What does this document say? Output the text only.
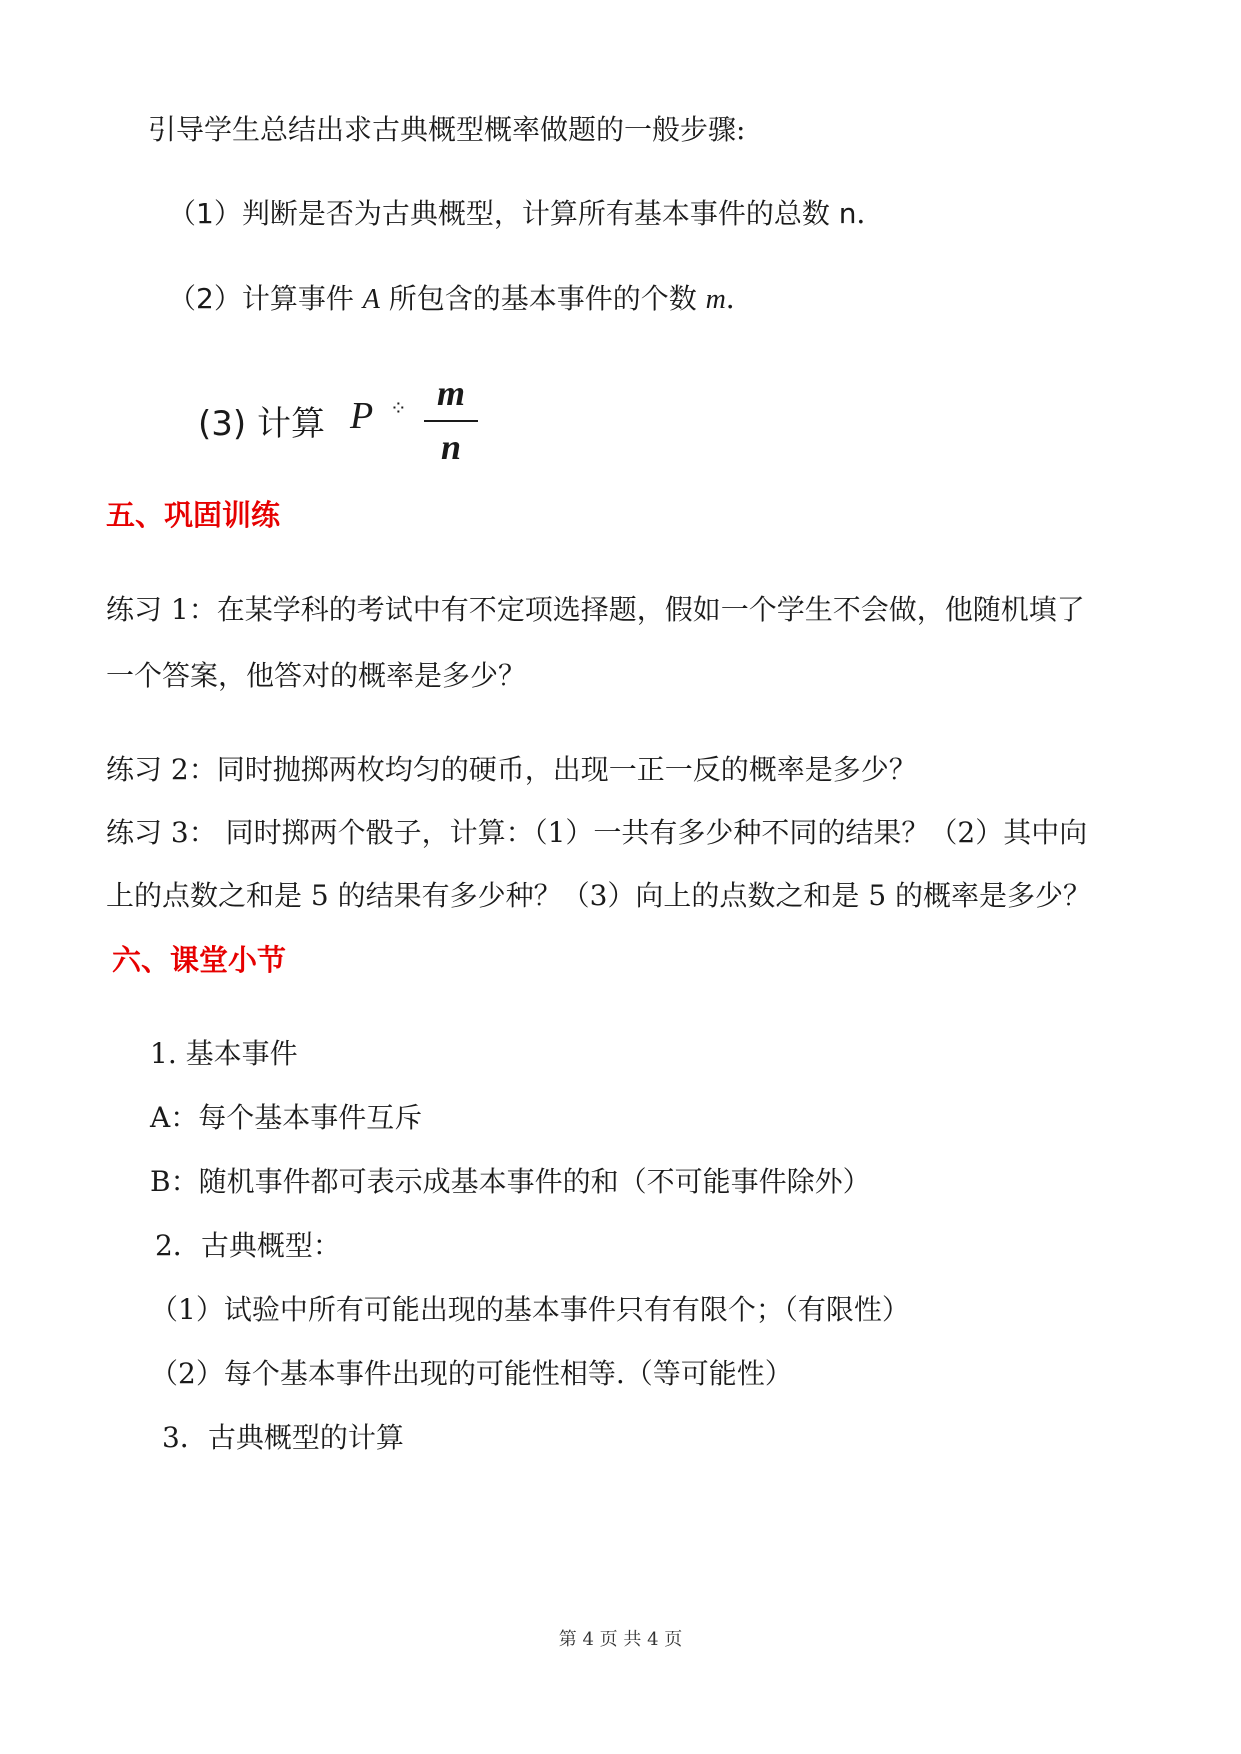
引导学生总结出求古典概型概率做题的一般步骤:
（1）判断是否为古典概型，计算所有基本事件的总数 n．
（2）计算事件 A 所包含的基本事件的个数 m．
(3) 计算 P ⁘ m
n
五、巩固训练
练习 1：在某学科的考试中有不定项选择题，假如一个学生不会做，他随机填了
一个答案，他答对的概率是多少？
练习 2：同时抛掷两枚均匀的硬币，出现一正一反的概率是多少？
练习 3： 同时掷两个骰子，计算：（1）一共有多少种不同的结果？（2）其中向
上的点数之和是 5 的结果有多少种？（3）向上的点数之和是 5 的概率是多少？
六、课堂小节
1. 基本事件
A：每个基本事件互斥
B：随机事件都可表示成基本事件的和（不可能事件除外）
2．古典概型：
（1）试验中所有可能出现的基本事件只有有限个；（有限性）
（2）每个基本事件出现的可能性相等.（等可能性）
3．古典概型的计算
第 4 页 共 4 页
